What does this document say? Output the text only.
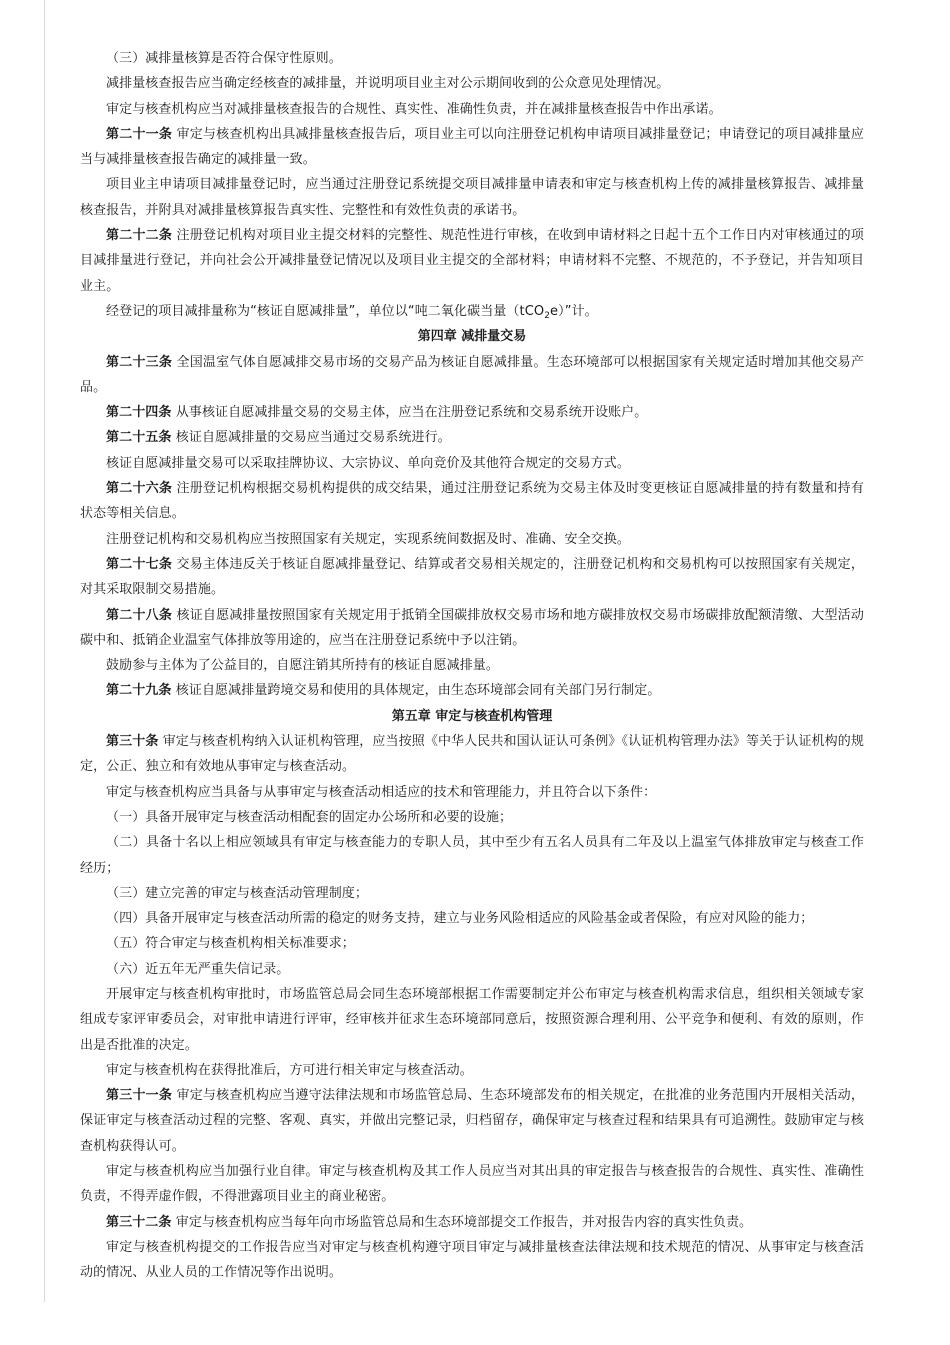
（三）减排量核算是否符合保守性原则。

减排量核查报告应当确定经核查的减排量，并说明项目业主对公示期间收到的公众意见处理情况。

审定与核查机构应当对减排量核查报告的合规性、真实性、准确性负责，并在减排量核查报告中作出承诺。

第二十一条 审定与核查机构出具减排量核查报告后，项目业主可以向注册登记机构申请项目减排量登记；申请登记的项目减排量应当与减排量核查报告确定的减排量一致。

项目业主申请项目减排量登记时，应当通过注册登记系统提交项目减排量申请表和审定与核查机构上传的减排量核算报告、减排量核查报告，并附具对减排量核算报告真实性、完整性和有效性负责的承诺书。

第二十二条 注册登记机构对项目业主提交材料的完整性、规范性进行审核，在收到申请材料之日起十五个工作日内对审核通过的项目减排量进行登记，并向社会公开减排量登记情况以及项目业主提交的全部材料；申请材料不完整、不规范的，不予登记，并告知项目业主。

经登记的项目减排量称为“核证自愿减排量”，单位以“吨二氧化碳当量（tCO$_2$e）”计。

第四章 减排量交易

第二十三条 全国温室气体自愿减排交易市场的交易产品为核证自愿减排量。生态环境部可以根据国家有关规定适时增加其他交易产品。

第二十四条 从事核证自愿减排量交易的交易主体，应当在注册登记系统和交易系统开设账户。

第二十五条 核证自愿减排量的交易应当通过交易系统进行。

核证自愿减排量交易可以采取挂牌协议、大宗协议、单向竞价及其他符合规定的交易方式。

第二十六条 注册登记机构根据交易机构提供的成交结果，通过注册登记系统为交易主体及时变更核证自愿减排量的持有数量和持有状态等相关信息。

注册登记机构和交易机构应当按照国家有关规定，实现系统间数据及时、准确、安全交换。

第二十七条 交易主体违反关于核证自愿减排量登记、结算或者交易相关规定的，注册登记机构和交易机构可以按照国家有关规定，对其采取限制交易措施。

第二十八条 核证自愿减排量按照国家有关规定用于抵销全国碳排放权交易市场和地方碳排放权交易市场碳排放配额清缴、大型活动碳中和、抵销企业温室气体排放等用途的，应当在注册登记系统中予以注销。

鼓励参与主体为了公益目的，自愿注销其所持有的核证自愿减排量。

第二十九条 核证自愿减排量跨境交易和使用的具体规定，由生态环境部会同有关部门另行制定。

第五章 审定与核查机构管理

第三十条 审定与核查机构纳入认证机构管理，应当按照《中华人民共和国认证认可条例》《认证机构管理办法》等关于认证机构的规定，公正、独立和有效地从事审定与核查活动。

审定与核查机构应当具备与从事审定与核查活动相适应的技术和管理能力，并且符合以下条件：

（一）具备开展审定与核查活动相配套的固定办公场所和必要的设施；

（二）具备十名以上相应领域具有审定与核查能力的专职人员，其中至少有五名人员具有二年及以上温室气体排放审定与核查工作经历；

（三）建立完善的审定与核查活动管理制度；

（四）具备开展审定与核查活动所需的稳定的财务支持，建立与业务风险相适应的风险基金或者保险，有应对风险的能力；

（五）符合审定与核查机构相关标准要求；

（六）近五年无严重失信记录。

开展审定与核查机构审批时，市场监管总局会同生态环境部根据工作需要制定并公布审定与核查机构需求信息，组织相关领域专家组成专家评审委员会，对审批申请进行评审，经审核并征求生态环境部同意后，按照资源合理利用、公平竞争和便利、有效的原则，作出是否批准的决定。

审定与核查机构在获得批准后，方可进行相关审定与核查活动。

第三十一条 审定与核查机构应当遵守法律法规和市场监管总局、生态环境部发布的相关规定，在批准的业务范围内开展相关活动，保证审定与核查活动过程的完整、客观、真实，并做出完整记录，归档留存，确保审定与核查过程和结果具有可追溯性。鼓励审定与核查机构获得认可。

审定与核查机构应当加强行业自律。审定与核查机构及其工作人员应当对其出具的审定报告与核查报告的合规性、真实性、准确性负责，不得弄虚作假，不得泄露项目业主的商业秘密。

第三十二条 审定与核查机构应当每年向市场监管总局和生态环境部提交工作报告，并对报告内容的真实性负责。

审定与核查机构提交的工作报告应当对审定与核查机构遵守项目审定与减排量核查法律法规和技术规范的情况、从事审定与核查活动的情况、从业人员的工作情况等作出说明。
